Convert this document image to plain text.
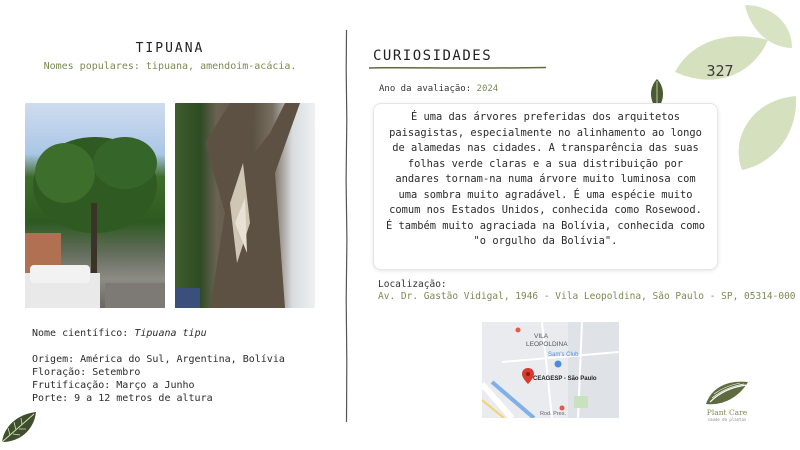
327
TIPUANA
Nomes populares: tipuana, amendoim-acácia.
Nome científico: Tipuana tipu
Origem: América do Sul, Argentina, Bolívia
Floração: Setembro
Frutificação: Março a Junho
Porte: 9 a 12 metros de altura
CURIOSIDADES
Ano da avaliação: 2024

É uma das árvores preferidas dos arquitetos paisagistas, especialmente no alinhamento ao longo de alamedas nas cidades. A transparência das suas folhas verde claras e a sua distribuição por andares tornam-na numa árvore muito luminosa com uma sombra muito agradável. É uma espécie muito comum nos Estados Unidos, conhecida como Rosewood. É também muito agraciada na Bolívia, conhecida como "o orgulho da Bolívia".

Localização:
Av. Dr. Gastão Vidigal, 1946 - Vila Leopoldina, São Paulo - SP, 05314-000
VILA
LEOPOLDINA
Sam's Club
CEAGESP - São Paulo
Rod. Pres.	Plant Care
saúde de plantas
